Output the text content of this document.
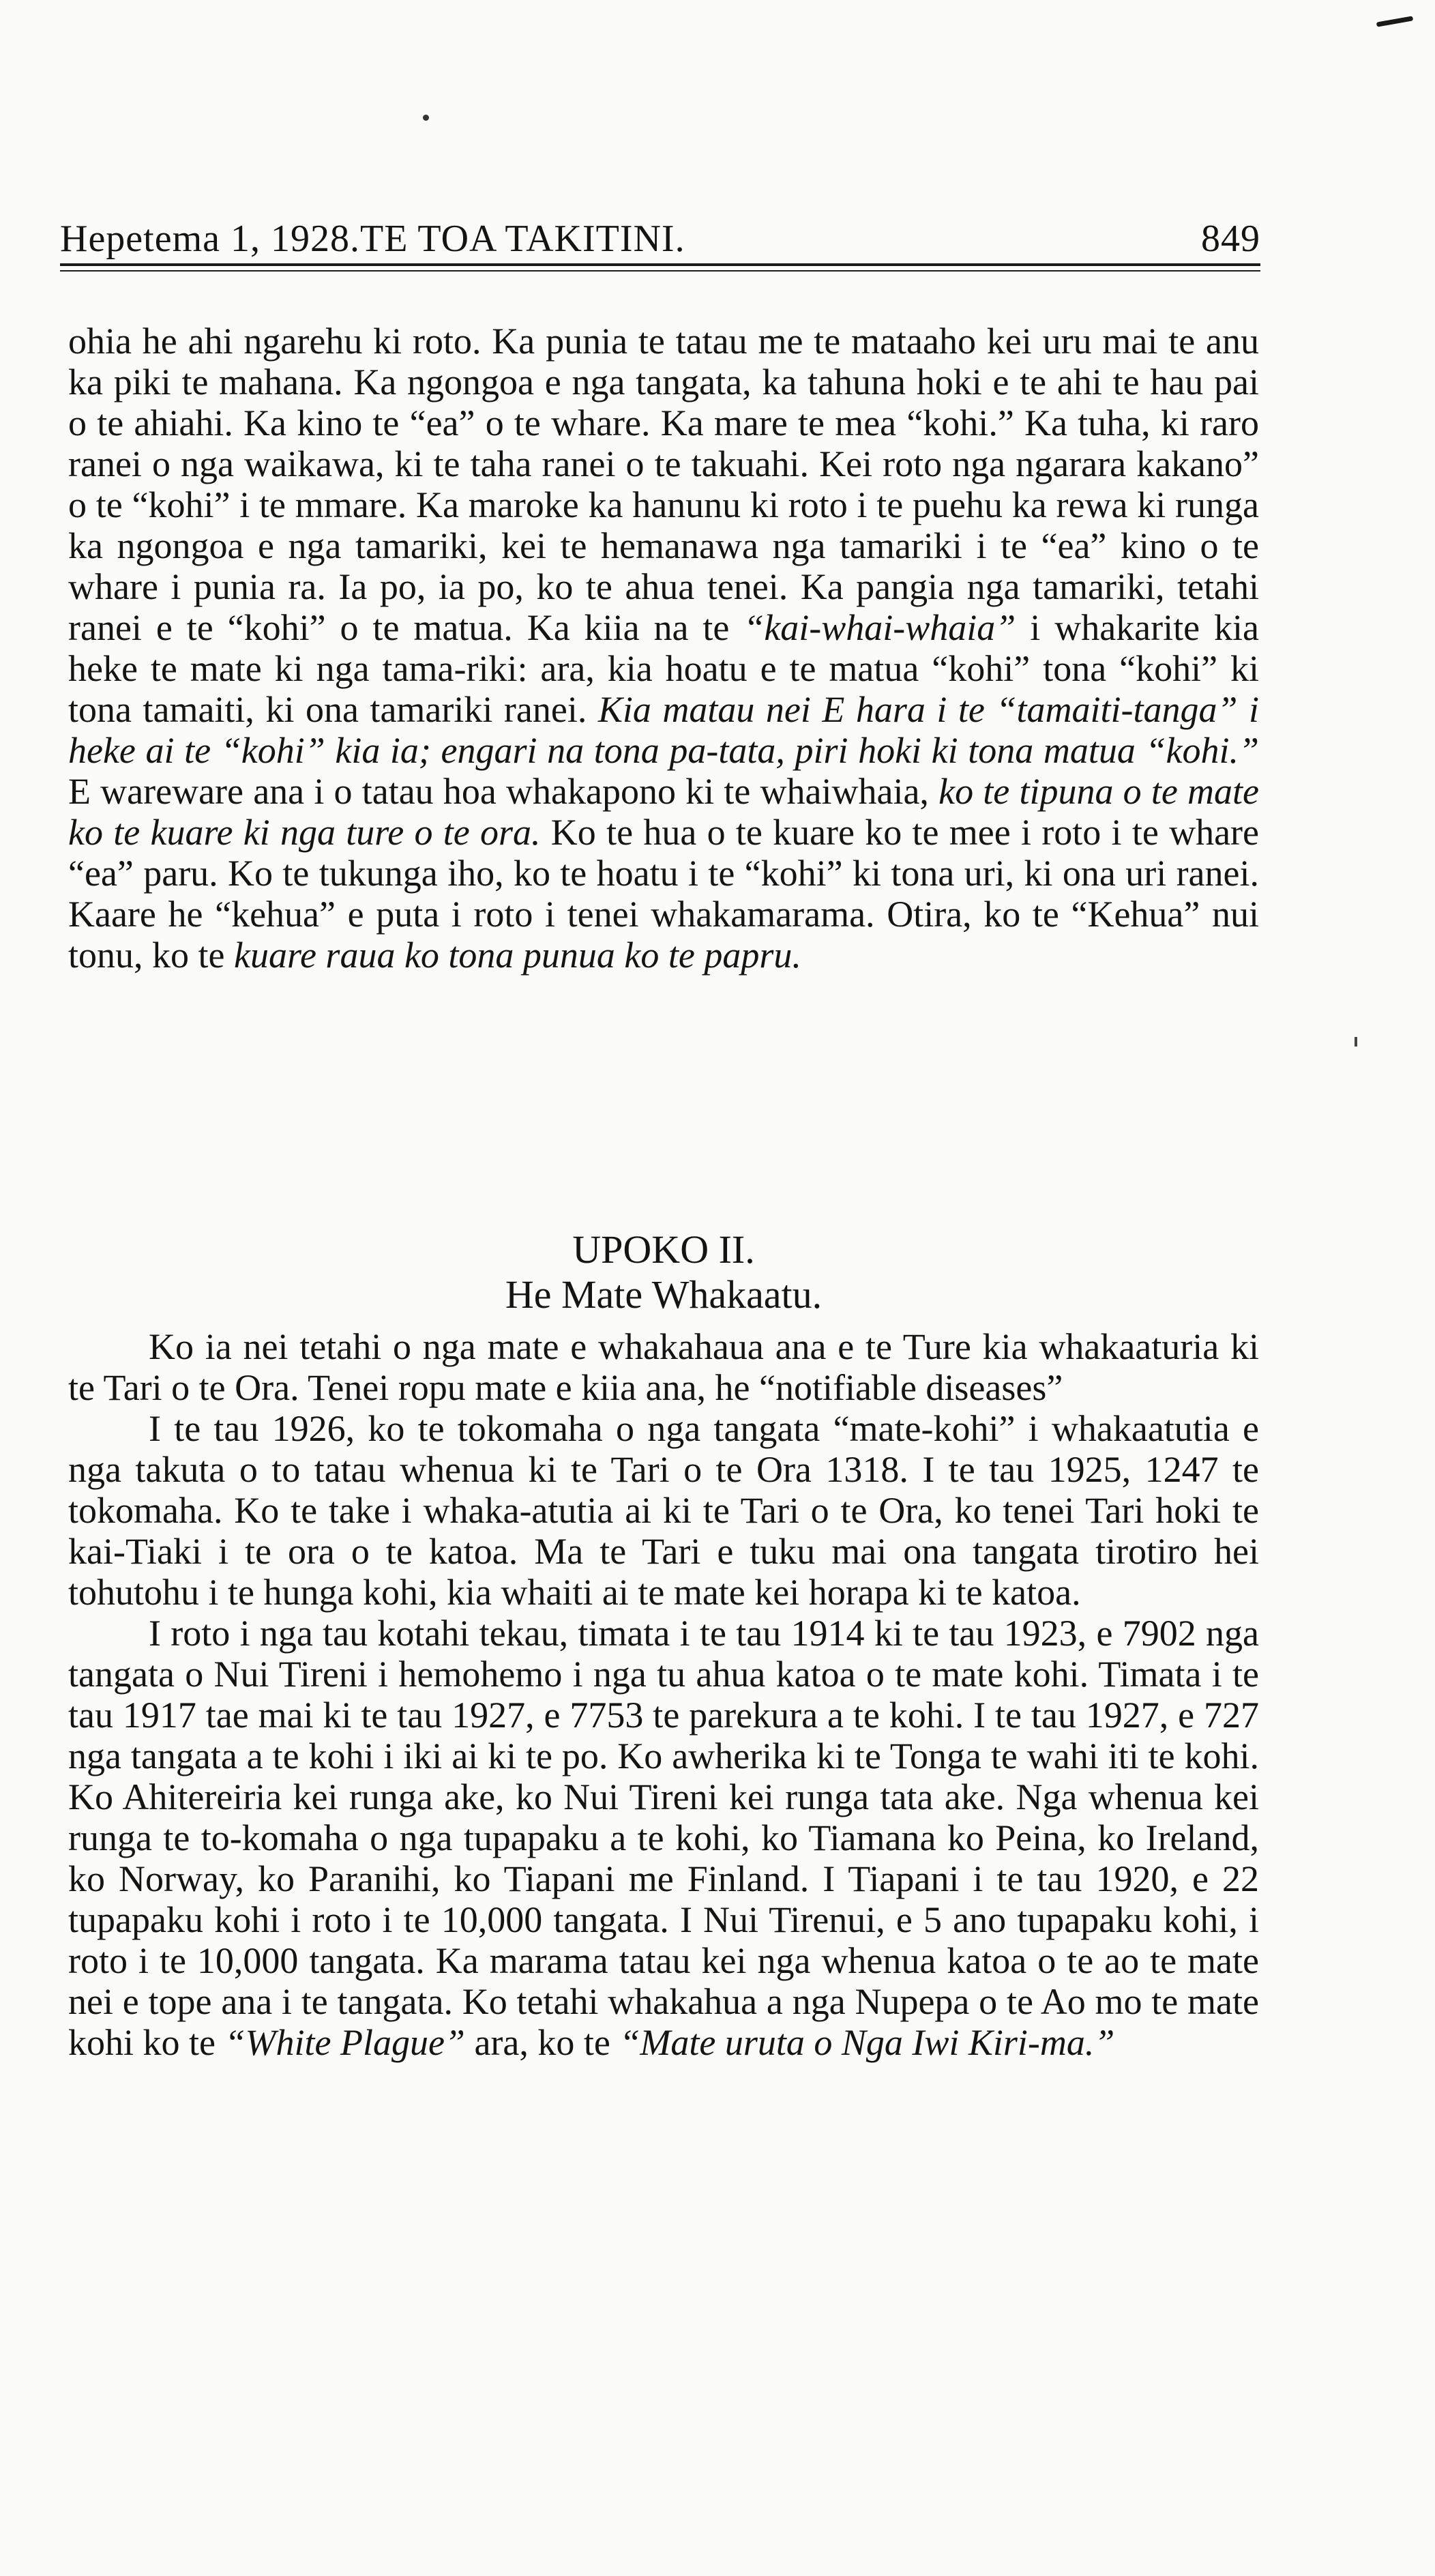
Hepetema 1, 1928.TE TOA TAKITINI.	849

ohia he ahi ngarehu ki roto. Ka punia te tatau me te mataaho kei uru mai te anu ka piki te mahana. Ka ngongoa e nga tangata, ka tahuna hoki e te ahi te hau pai o te ahiahi. Ka kino te “ea” o te whare. Ka mare te mea “kohi.” Ka tuha, ki raro ranei o nga waikawa, ki te taha ranei o te takuahi. Kei roto nga ngarara kakano” o te “kohi” i te mmare. Ka maroke ka hanunu ki roto i te puehu ka rewa ki runga ka ngongoa e nga tamariki, kei te hemanawa nga tamariki i te “ea” kino o te whare i punia ra. Ia po, ia po, ko te ahua tenei. Ka pangia nga tamariki, tetahi ranei e te “kohi” o te matua. Ka kiia na te “kai-whai-whaia” i whakarite kia heke te mate ki nga tama-riki: ara, kia hoatu e te matua “kohi” tona “kohi” ki tona tamaiti, ki ona tamariki ranei. Kia matau nei E hara i te “tamaiti-tanga” i heke ai te “kohi” kia ia; engari na tona pa-tata, piri hoki ki tona matua “kohi.” E wareware ana i o tatau hoa whakapono ki te whaiwhaia, ko te tipuna o te mate ko te kuare ki nga ture o te ora. Ko te hua o te kuare ko te mee i roto i te whare “ea” paru. Ko te tukunga iho, ko te hoatu i te “kohi” ki tona uri, ki ona uri ranei. Kaare he “kehua” e puta i roto i tenei whakamarama. Otira, ko te “Kehua” nui tonu, ko te kuare raua ko tona punua ko te papru.

UPOKO II.
He Mate Whakaatu.

Ko ia nei tetahi o nga mate e whakahaua ana e te Ture kia whakaaturia ki te Tari o te Ora. Tenei ropu mate e kiia ana, he “notifiable diseases”

I te tau 1926, ko te tokomaha o nga tangata “mate-kohi” i whakaatutia e nga takuta o to tatau whenua ki te Tari o te Ora 1318. I te tau 1925, 1247 te tokomaha. Ko te take i whaka-atutia ai ki te Tari o te Ora, ko tenei Tari hoki te kai-Tiaki i te ora o te katoa. Ma te Tari e tuku mai ona tangata tirotiro hei tohutohu i te hunga kohi, kia whaiti ai te mate kei horapa ki te katoa.

I roto i nga tau kotahi tekau, timata i te tau 1914 ki te tau 1923, e 7902 nga tangata o Nui Tireni i hemohemo i nga tu ahua katoa o te mate kohi. Timata i te tau 1917 tae mai ki te tau 1927, e 7753 te parekura a te kohi. I te tau 1927, e 727 nga tangata a te kohi i iki ai ki te po. Ko awherika ki te Tonga te wahi iti te kohi. Ko Ahitereiria kei runga ake, ko Nui Tireni kei runga tata ake. Nga whenua kei runga te to-komaha o nga tupapaku a te kohi, ko Tiamana ko Peina, ko Ireland, ko Norway, ko Paranihi, ko Tiapani me Finland. I Tiapani i te tau 1920, e 22 tupapaku kohi i roto i te 10,000 tangata. I Nui Tirenui, e 5 ano tupapaku kohi, i roto i te 10,000 tangata. Ka marama tatau kei nga whenua katoa o te ao te mate nei e tope ana i te tangata. Ko tetahi whakahua a nga Nupepa o te Ao mo te mate kohi ko te “White Plague” ara, ko te “Mate uruta o Nga Iwi Kiri-ma.”
